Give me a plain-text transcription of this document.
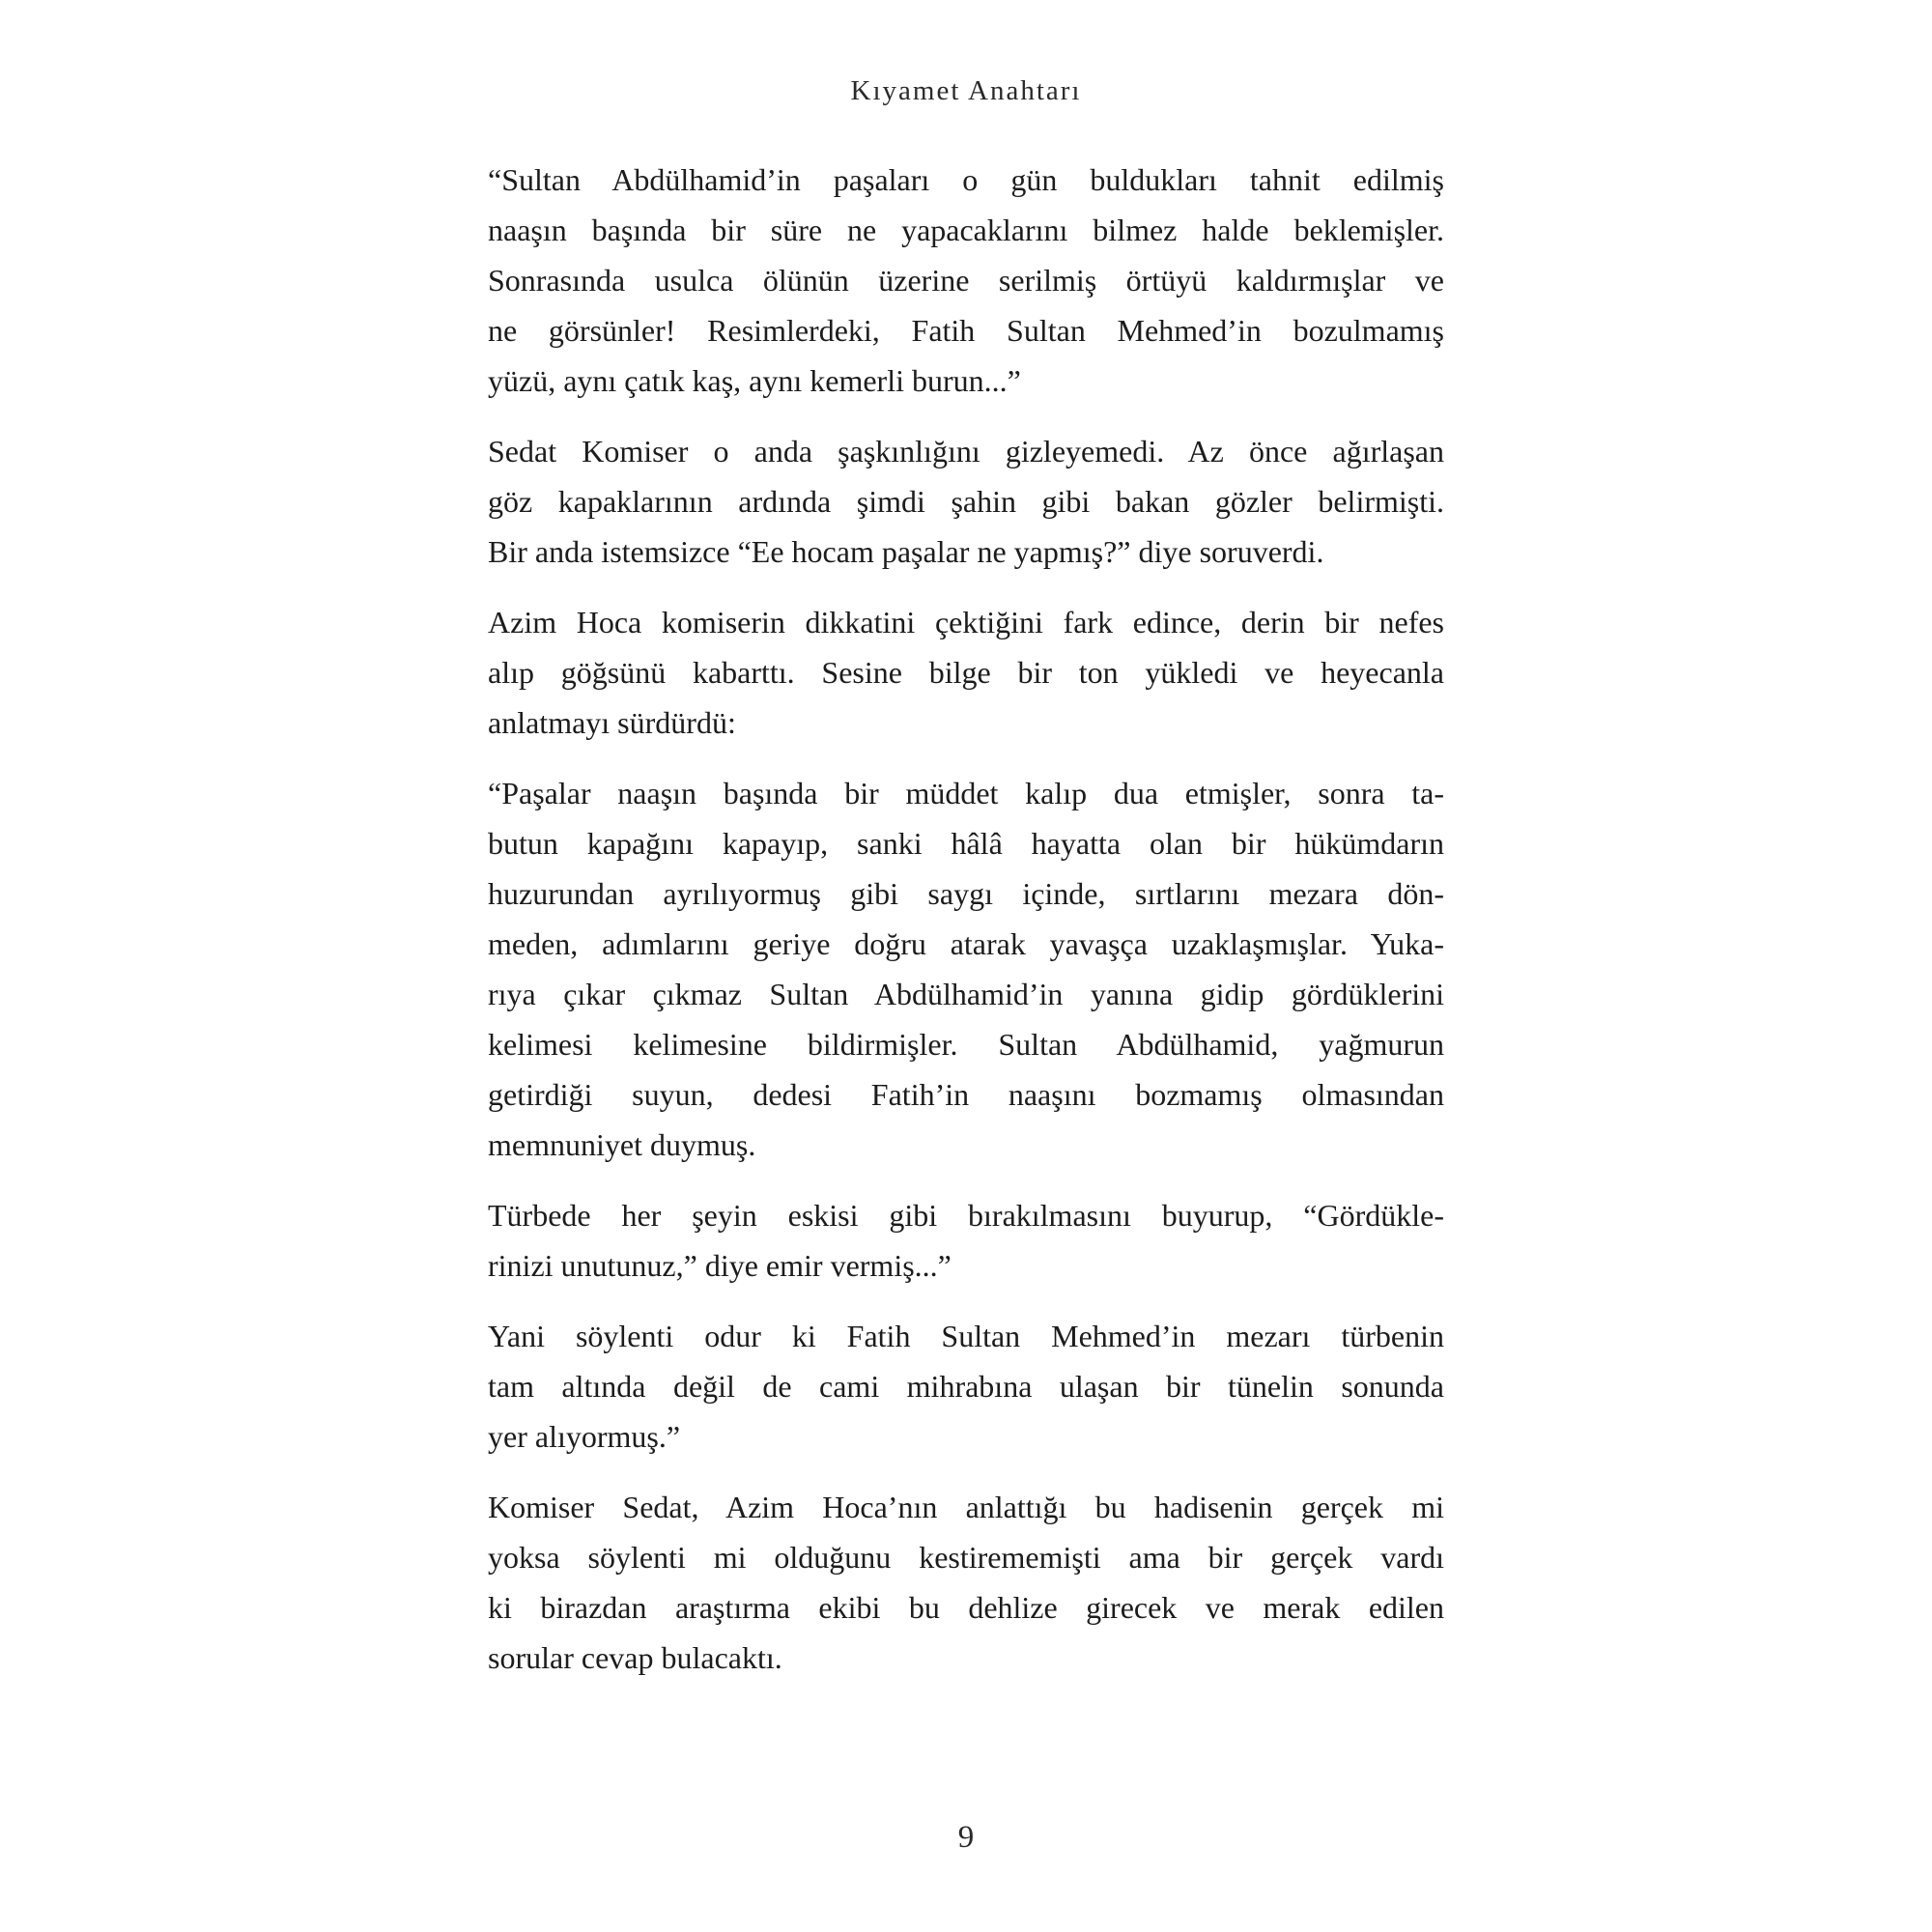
Kıyamet Anahtarı
“Sultan Abdülhamid’in paşaları o gün buldukları tahnit edilmiş
naaşın başında bir süre ne yapacaklarını bilmez halde beklemişler.
Sonrasında usulca ölünün üzerine serilmiş örtüyü kaldırmışlar ve
ne görsünler! Resimlerdeki, Fatih Sultan Mehmed’in bozulmamış
yüzü, aynı çatık kaş, aynı kemerli burun...”
Sedat Komiser o anda şaşkınlığını gizleyemedi. Az önce ağırlaşan
göz kapaklarının ardında şimdi şahin gibi bakan gözler belirmişti.
Bir anda istemsizce “Ee hocam paşalar ne yapmış?” diye soruverdi.
Azim Hoca komiserin dikkatini çektiğini fark edince, derin bir nefes
alıp göğsünü kabarttı. Sesine bilge bir ton yükledi ve heyecanla
anlatmayı sürdürdü:
“Paşalar naaşın başında bir müddet kalıp dua etmişler, sonra ta-
butun kapağını kapayıp, sanki hâlâ hayatta olan bir hükümdarın
huzurundan ayrılıyormuş gibi saygı içinde, sırtlarını mezara dön-
meden, adımlarını geriye doğru atarak yavaşça uzaklaşmışlar. Yuka-
rıya çıkar çıkmaz Sultan Abdülhamid’in yanına gidip gördüklerini
kelimesi kelimesine bildirmişler. Sultan Abdülhamid, yağmurun
getirdiği suyun, dedesi Fatih’in naaşını bozmamış olmasından
memnuniyet duymuş.
Türbede her şeyin eskisi gibi bırakılmasını buyurup, “Gördükle-
rinizi unutunuz,” diye emir vermiş...”
Yani söylenti odur ki Fatih Sultan Mehmed’in mezarı türbenin
tam altında değil de cami mihrabına ulaşan bir tünelin sonunda
yer alıyormuş.”
Komiser Sedat, Azim Hoca’nın anlattığı bu hadisenin gerçek mi
yoksa söylenti mi olduğunu kestirememişti ama bir gerçek vardı
ki birazdan araştırma ekibi bu dehlize girecek ve merak edilen
sorular cevap bulacaktı.
9
